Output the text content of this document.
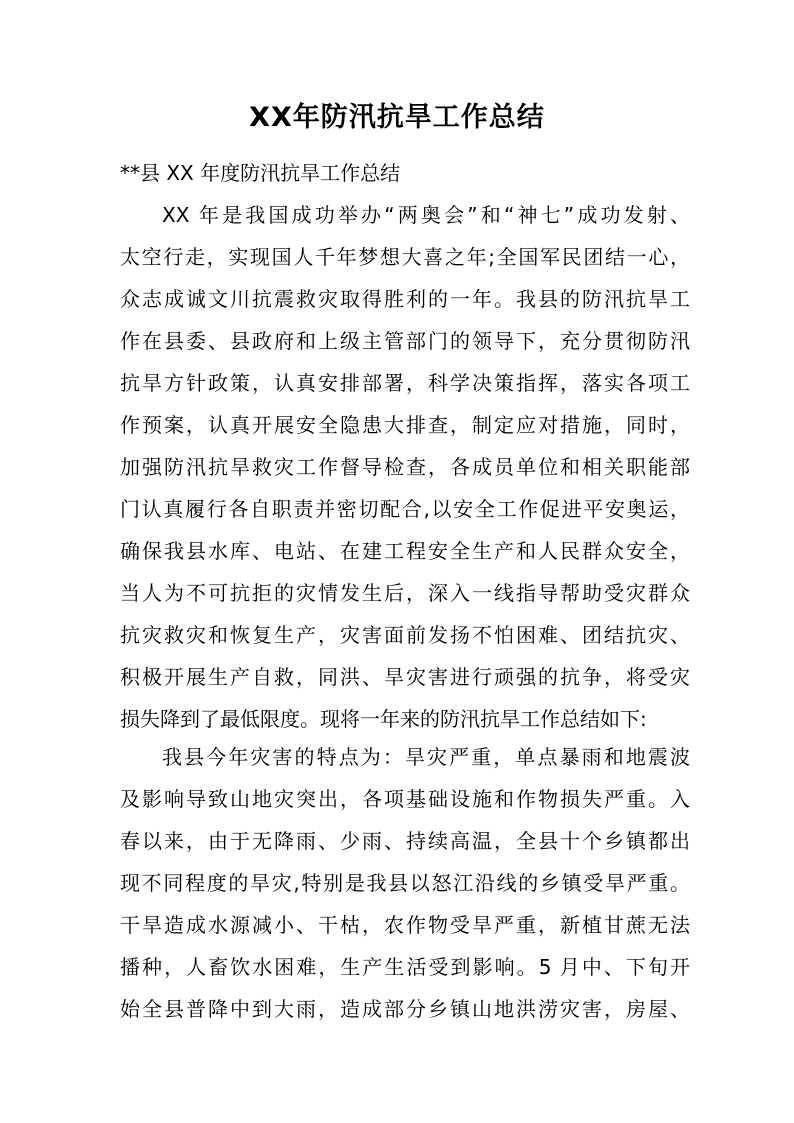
XX年防汛抗旱工作总结
**县 XX 年度防汛抗旱工作总结
XX 年是我国成功举办“两奥会”和“神七”成功发射、
太空行走，实现国人千年梦想大喜之年;全国军民团结一心，
众志成诚文川抗震救灾取得胜利的一年。我县的防汛抗旱工
作在县委、县政府和上级主管部门的领导下，充分贯彻防汛
抗旱方针政策，认真安排部署，科学决策指挥，落实各项工
作预案，认真开展安全隐患大排查，制定应对措施，同时，
加强防汛抗旱救灾工作督导检查，各成员单位和相关职能部
门认真履行各自职责并密切配合,以安全工作促进平安奥运，
确保我县水库、电站、在建工程安全生产和人民群众安全，
当人为不可抗拒的灾情发生后，深入一线指导帮助受灾群众
抗灾救灾和恢复生产，灾害面前发扬不怕困难、团结抗灾、
积极开展生产自救，同洪、旱灾害进行顽强的抗争，将受灾
损失降到了最低限度。现将一年来的防汛抗旱工作总结如下:
我县今年灾害的特点为：旱灾严重，单点暴雨和地震波
及影响导致山地灾突出，各项基础设施和作物损失严重。入
春以来，由于无降雨、少雨、持续高温，全县十个乡镇都出
现不同程度的旱灾,特别是我县以怒江沿线的乡镇受旱严重。
干旱造成水源减小、干枯，农作物受旱严重，新植甘蔗无法
播种，人畜饮水困难，生产生活受到影响。5 月中、下旬开
始全县普降中到大雨，造成部分乡镇山地洪涝灾害，房屋、
